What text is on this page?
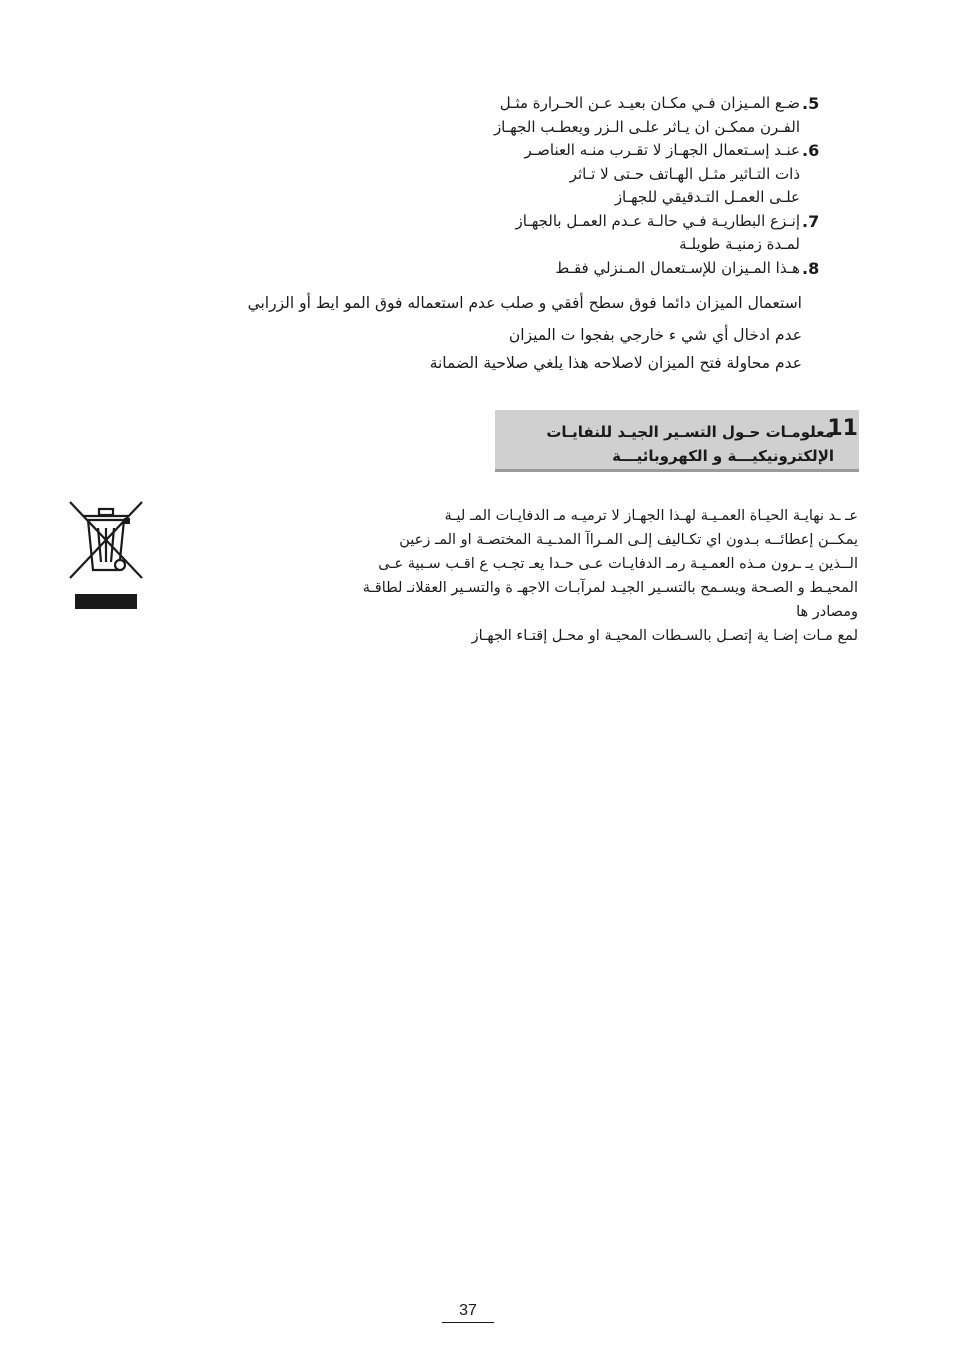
.5
ضـع المـيزان فـي مكـان بعيـد عـن الحـرارة مثـل
الفـرن ممكـن ان يـاثر علـى الـزر ويعطـب الجهـاز
.6
عنـد إسـتعمال الجهـاز لا تقـرب منـه العناصـر
ذات التـاثير مثـل الهـاتف حـتى لا تـاثر
علـى العمـل التـدقيقي للجهـاز
.7
إنـزع البطاريـة فـي حالـة عـدم العمـل بالجهـاز
لمـدة زمنيـة طويلـة
.8
هـذا المـيزان للإسـتعمال المـنزلي فقـط
استعمال الميزان دائما فوق سطح أفقي و صلب عدم استعماله فوق المو ايط أو الزرابي
عدم ادخال أي شي ء خارجي بفجوا ت الميزان
عدم محاولة فتح الميزان لاصلاحه هذا يلغي صلاحية الضمانة
11
معلومـات حـول التسـير الجيـد للنفايـات
الإلكترونيكيـــة و الكهروبائيـــة
عـ ـد نهايـة الحيـاة العمـيـة لهـذا الجهـاز لا ترميـه مـ الدفايـات المـ ليـة
يمكــن إعطائــه بـدون اي تكـاليف إلـى المـراآ المدـيـة المختصـة او المـ زعين
الــذين يـ ـرون مـذه العمـيـة رمـ الدفايـات عـى حـدا يعـ تجـب ع اقـب سـبية عـى
المحيـط و الصـحة ويسـمح بالتسـير الجيـد لمرآبـات الاجهـ ة والتسـير العقلانـ لطاقـة
ومصادر ها
لمع مـات إضـا ية إتصـل بالسـطات المحيـة او محـل إقتـاء الجهـاز
37
